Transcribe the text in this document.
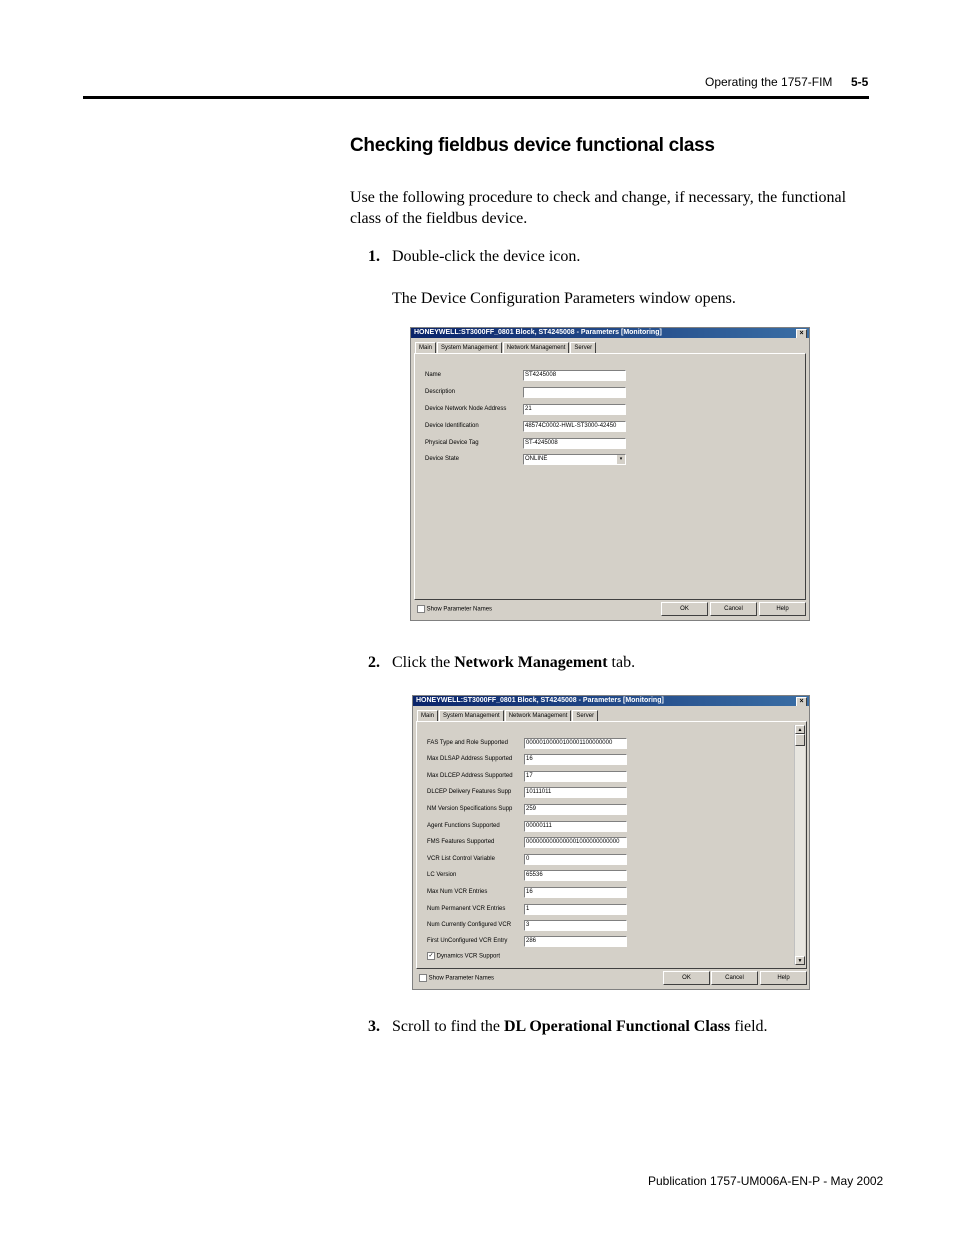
Operating the 1757-FIM 5-5
Checking fieldbus device functional class
Use the following procedure to check and change, if necessary, the functional class of the fieldbus device.
1. Double-click the device icon.
The Device Configuration Parameters window opens.
HONEYWELL:ST3000FF_0801 Block, ST4245008 - Parameters [Monitoring]	×
Main System Management Network Management Server
Name	ST4245008
Description
Device Network Node Address	21
Device Identification	48574C0002-HWL-ST3000-42450
Physical Device Tag	ST-4245008
Device State	ONLINE	▾
Show Parameter Names	OK	Cancel	Help
2. Click the Network Management tab.
HONEYWELL:ST3000FF_0801 Block, ST4245008 - Parameters [Monitoring]	×
Main System Management Network Management Server
FAS Type and Role Supported	00000100000100001100000000
Max DLSAP Address Supported	16
Max DLCEP Address Supported	17
DLCEP Delivery Features Supp	10111011
NM Version Specifications Supp	259
Agent Functions Supported	00000111
FMS Features Supported	0000000000000001000000000000
VCR List Control Variable	0
LC Version	65536
Max Num VCR Entries	16
Num Permanent VCR Entries	1
Num Currently Configured VCR	3
First UnConfigured VCR Entry	286
✓ Dynamics VCR Support
▲
▼
Show Parameter Names	OK	Cancel	Help
3. Scroll to find the DL Operational Functional Class field.
Publication 1757-UM006A-EN-P - May 2002
